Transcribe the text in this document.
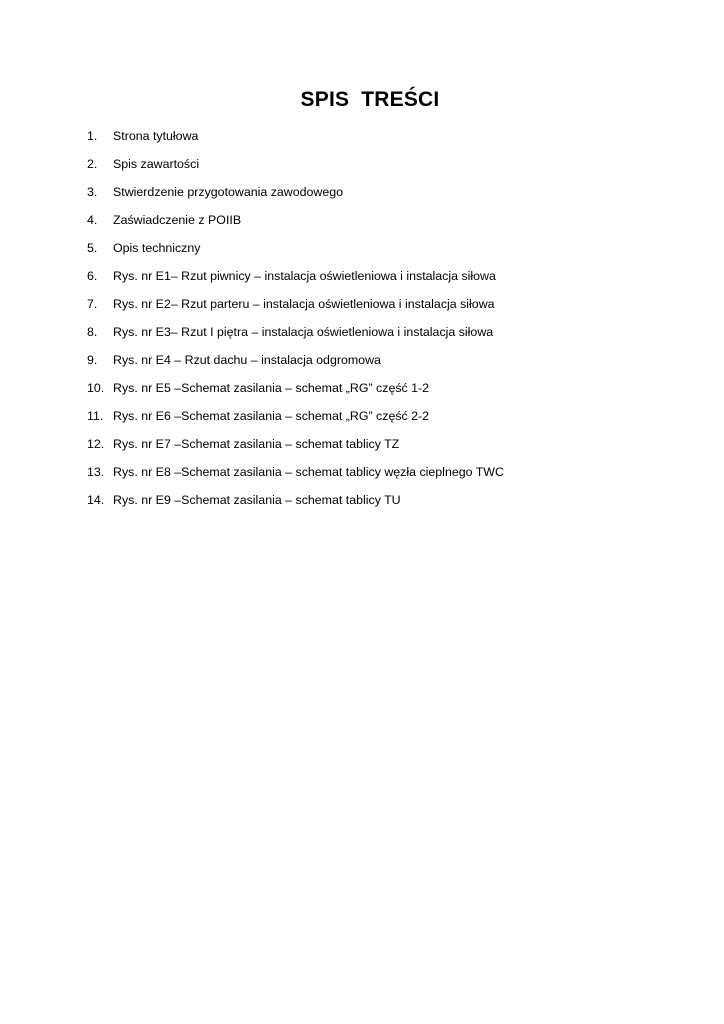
SPIS  TREŚCI
1. Strona tytułowa
2. Spis zawartości
3. Stwierdzenie przygotowania zawodowego
4. Zaświadczenie z POIIB
5. Opis techniczny
6. Rys. nr E1– Rzut piwnicy – instalacja oświetleniowa i instalacja siłowa
7. Rys. nr E2– Rzut parteru – instalacja oświetleniowa i instalacja siłowa
8. Rys. nr E3– Rzut I piętra – instalacja oświetleniowa i instalacja siłowa
9. Rys. nr E4 – Rzut dachu – instalacja odgromowa
10. Rys. nr E5 –Schemat zasilania – schemat „RG” część 1-2
11. Rys. nr E6 –Schemat zasilania – schemat „RG” część 2-2
12. Rys. nr E7 –Schemat zasilania – schemat tablicy TZ
13. Rys. nr E8 –Schemat zasilania – schemat tablicy węzła cieplnego TWC
14. Rys. nr E9 –Schemat zasilania – schemat tablicy TU
